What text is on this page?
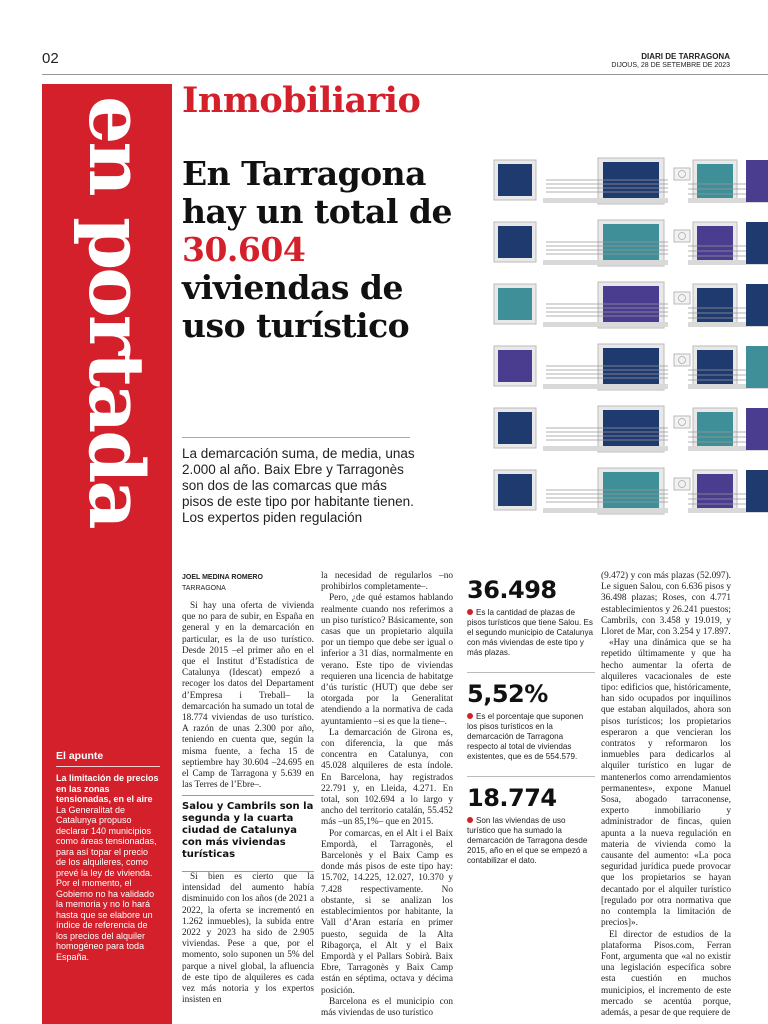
02	DIARI DE TARRAGONA
DIJOUS, 28 DE SETEMBRE DE 2023
en portada
El apunte
La limitación de precios en las zonas tensionadas, en el aire
La Generalitat de Catalunya propuso declarar 140 municipios como áreas tensionadas, para así topar el precio de los alquileres, como prevé la ley de vivienda. Por el momento, el Gobierno no ha validado la memoria y no lo hará hasta que se elabore un índice de referencia de los precios del alquiler homogéneo para toda España.
Inmobiliario
En Tarragona hay un total de 30.604 viviendas de uso turístico
La demarcación suma, de media, unas 2.000 al año. Baix Ebre y Tarragonès son dos de las comarcas que más pisos de este tipo por habitante tienen. Los expertos piden regulación
JOEL MEDINA ROMERO
TARRAGONA

Si hay una oferta de vivienda que no para de subir, en España en general y en la demarcación en particular, es la de uso turístico. Desde 2015 –el primer año en el que el Institut d’Estadística de Catalunya (Idescat) empezó a recoger los datos del Departament d’Empresa i Treball– la demarcación ha sumado un total de 18.774 viviendas de uso turístico. A razón de unas 2.300 por año, teniendo en cuenta que, según la misma fuente, a fecha 15 de septiembre hay 30.604 –24.695 en el Camp de Tarragona y 5.639 en las Terres de l’Ebre–.

Salou y Cambrils son la segunda y la cuarta ciudad de Catalunya con más viviendas turísticas

Si bien es cierto que la intensidad del aumento había disminuido con los años (de 2021 a 2022, la oferta se incrementó en 1.262 inmuebles), la subida entre 2022 y 2023 ha sido de 2.905 viviendas. Pese a que, por el momento, solo suponen un 5% del parque a nivel global, la afluencia de este tipo de alquileres es cada vez más notoria y los expertos insisten en

la necesidad de regularlos –no prohibirlos completamente–.

Pero, ¿de qué estamos hablando realmente cuando nos referimos a un piso turístico? Básicamente, son casas que un propietario alquila por un tiempo que debe ser igual o inferior a 31 días, normalmente en verano. Este tipo de viviendas requieren una licencia de habitatge d’ús turístic (HUT) que debe ser otorgada por la Generalitat atendiendo a la normativa de cada ayuntamiento –si es que la tiene–.

La demarcación de Girona es, con diferencia, la que más concentra en Catalunya, con 45.028 alquileres de esta índole. En Barcelona, hay registrados 22.791 y, en Lleida, 4.271. En total, son 102.694 a lo largo y ancho del territorio catalán, 55.452 más –un 85,1%– que en 2015.

Por comarcas, en el Alt i el Baix Empordà, el Tarragonès, el Barcelonès y el Baix Camp es donde más pisos de este tipo hay: 15.702, 14.225, 12.027, 10.370 y 7.428 respectivamente. No obstante, si se analizan los establecimientos por habitante, la Vall d’Aran estaría en primer puesto, seguida de la Alta Ribagorça, el Alt y el Baix Empordà y el Pallars Sobirà. Baix Ebre, Tarragonès y Baix Camp están en séptima, octava y décima posición.

Barcelona es el municipio con más viviendas de uso turístico

36.498
Es la cantidad de plazas de pisos turísticos que tiene Salou. Es el segundo municipio de Catalunya con más viviendas de este tipo y más plazas.
5,52%
Es el porcentaje que suponen los pisos turísticos en la demarcación de Tarragona respecto al total de viviendas existentes, que es de 554.579.
18.774
Son las viviendas de uso turístico que ha sumado la demarcación de Tarragona desde 2015, año en el que se empezó a contabilizar el dato.

(9.472) y con más plazas (52.097). Le siguen Salou, con 6.636 pisos y 36.498 plazas; Roses, con 4.771 establecimientos y 26.241 puestos; Cambrils, con 3.458 y 19.019, y Lloret de Mar, con 3.254 y 17.897.

«Hay una dinámica que se ha repetido últimamente y que ha hecho aumentar la oferta de alquileres vacacionales de este tipo: edificios que, históricamente, han sido ocupados por inquilinos que estaban alquilados, ahora son pisos turísticos; los propietarios esperaron a que vencieran los contratos y reformaron los inmuebles para dedicarlos al alquiler turístico en lugar de mantenerlos como arrendamientos permanentes», expone Manuel Sosa, abogado tarraconense, experto inmobiliario y administrador de fincas, quien apunta a la nueva regulación en materia de vivienda como la causante del aumento: «La poca seguridad jurídica puede provocar que los propietarios se hayan decantado por el alquiler turístico [regulado por otra normativa que no contempla la limitación de precios]».

El director de estudios de la plataforma Pisos.com, Ferran Font, argumenta que «al no existir una legislación específica sobre esta cuestión en muchos municipios, el incremento de este mercado se acentúa porque, además, a pesar de que requiere de
